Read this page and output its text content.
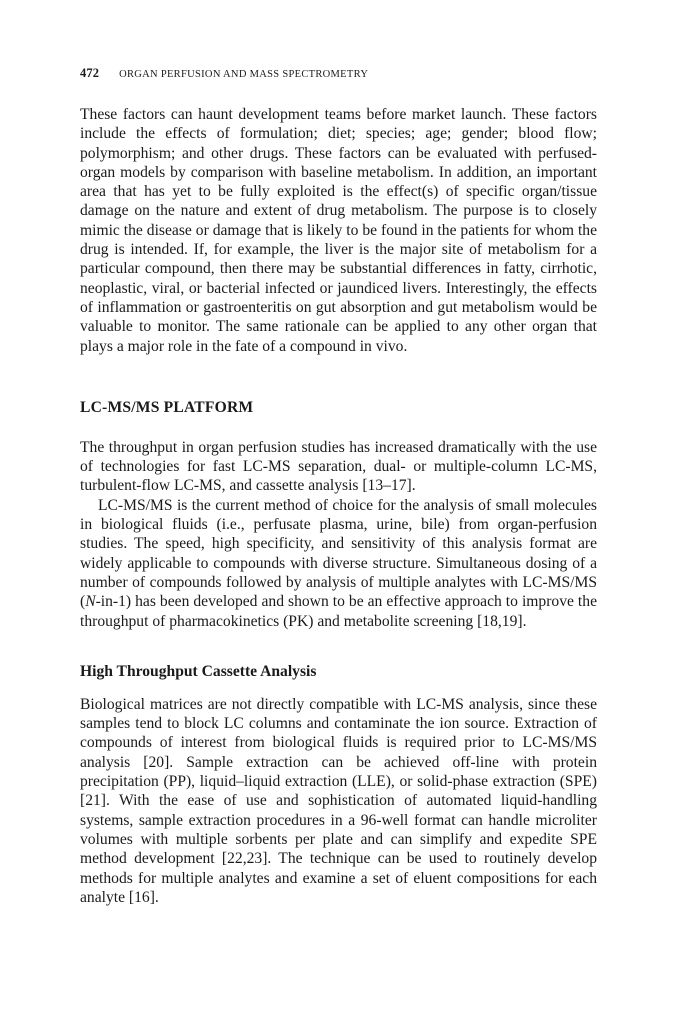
472 ORGAN PERFUSION AND MASS SPECTROMETRY

These factors can haunt development teams before market launch. These factors include the effects of formulation; diet; species; age; gender; blood flow; polymorphism; and other drugs. These factors can be evaluated with perfused-organ models by comparison with baseline metabolism. In addition, an important area that has yet to be fully exploited is the effect(s) of specific organ/tissue damage on the nature and extent of drug metabolism. The purpose is to closely mimic the disease or damage that is likely to be found in the patients for whom the drug is intended. If, for example, the liver is the major site of metabolism for a particular compound, then there may be substantial differences in fatty, cirrhotic, neoplastic, viral, or bacterial infected or jaundiced livers. Interestingly, the effects of inflammation or gastroenteritis on gut absorption and gut metabolism would be valuable to monitor. The same rationale can be applied to any other organ that plays a major role in the fate of a compound in vivo.

LC-MS/MS PLATFORM

The throughput in organ perfusion studies has increased dramatically with the use of technologies for fast LC-MS separation, dual- or multiple-column LC-MS, turbulent-flow LC-MS, and cassette analysis [13–17].

LC-MS/MS is the current method of choice for the analysis of small molecules in biological fluids (i.e., perfusate plasma, urine, bile) from organ-perfusion studies. The speed, high specificity, and sensitivity of this analysis format are widely applicable to compounds with diverse structure. Simultaneous dosing of a number of compounds followed by analysis of multiple analytes with LC-MS/MS (N-in-1) has been developed and shown to be an effective approach to improve the throughput of pharmacokinetics (PK) and metabolite screening [18,19].

High Throughput Cassette Analysis

Biological matrices are not directly compatible with LC-MS analysis, since these samples tend to block LC columns and contaminate the ion source. Extraction of compounds of interest from biological fluids is required prior to LC-MS/MS analysis [20]. Sample extraction can be achieved off-line with protein precipitation (PP), liquid–liquid extraction (LLE), or solid-phase extraction (SPE) [21]. With the ease of use and sophistication of automated liquid-handling systems, sample extraction procedures in a 96-well format can handle microliter volumes with multiple sorbents per plate and can simplify and expedite SPE method development [22,23]. The technique can be used to routinely develop methods for multiple analytes and examine a set of eluent compositions for each analyte [16].
